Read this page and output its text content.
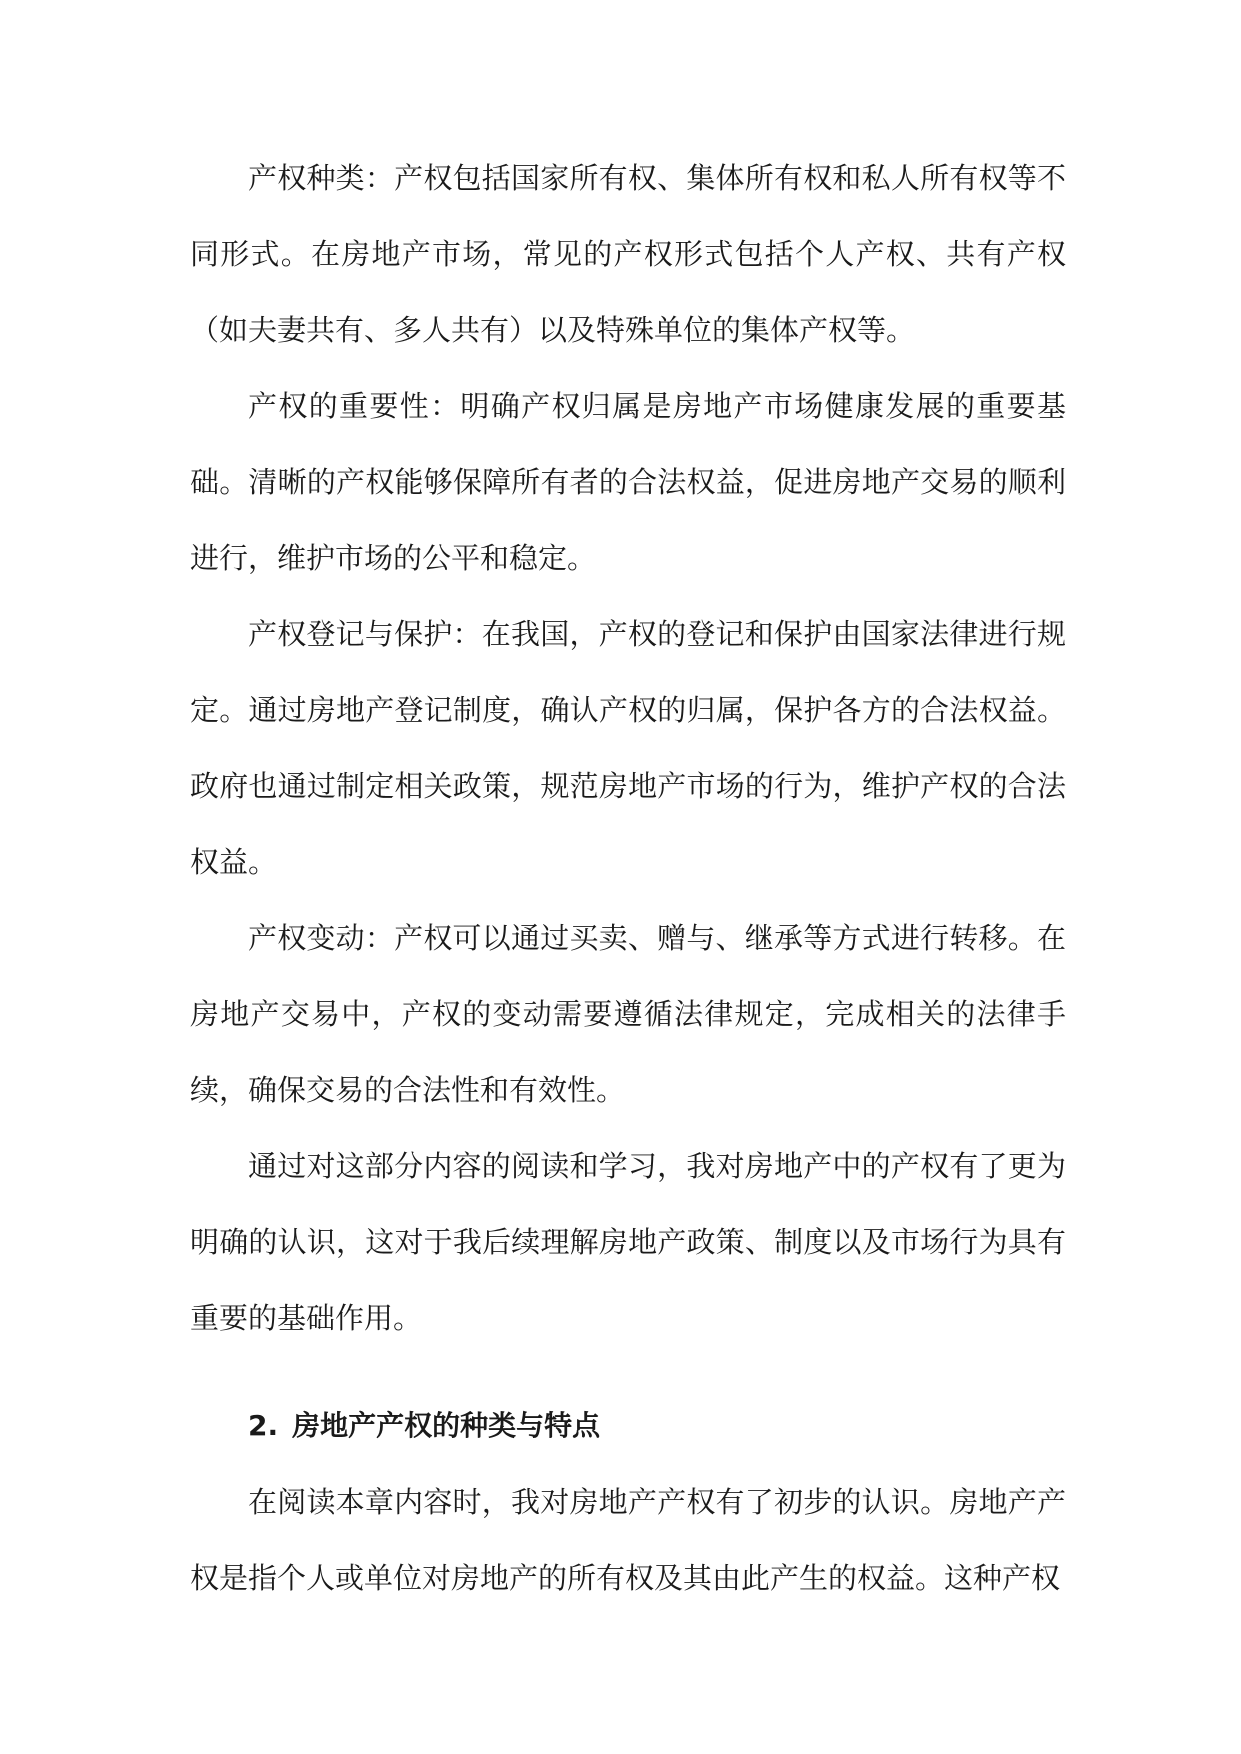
产权种类：产权包括国家所有权、集体所有权和私人所有权等不同形式。在房地产市场，常见的产权形式包括个人产权、共有产权（如夫妻共有、多人共有）以及特殊单位的集体产权等。

产权的重要性：明确产权归属是房地产市场健康发展的重要基础。清晰的产权能够保障所有者的合法权益，促进房地产交易的顺利进行，维护市场的公平和稳定。

产权登记与保护：在我国，产权的登记和保护由国家法律进行规定。通过房地产登记制度，确认产权的归属，保护各方的合法权益。政府也通过制定相关政策，规范房地产市场的行为，维护产权的合法权益。

产权变动：产权可以通过买卖、赠与、继承等方式进行转移。在房地产交易中，产权的变动需要遵循法律规定，完成相关的法律手续，确保交易的合法性和有效性。

通过对这部分内容的阅读和学习，我对房地产中的产权有了更为明确的认识，这对于我后续理解房地产政策、制度以及市场行为具有重要的基础作用。

2. 房地产产权的种类与特点

在阅读本章内容时，我对房地产产权有了初步的认识。房地产产权是指个人或单位对房地产的所有权及其由此产生的权益。这种产权
